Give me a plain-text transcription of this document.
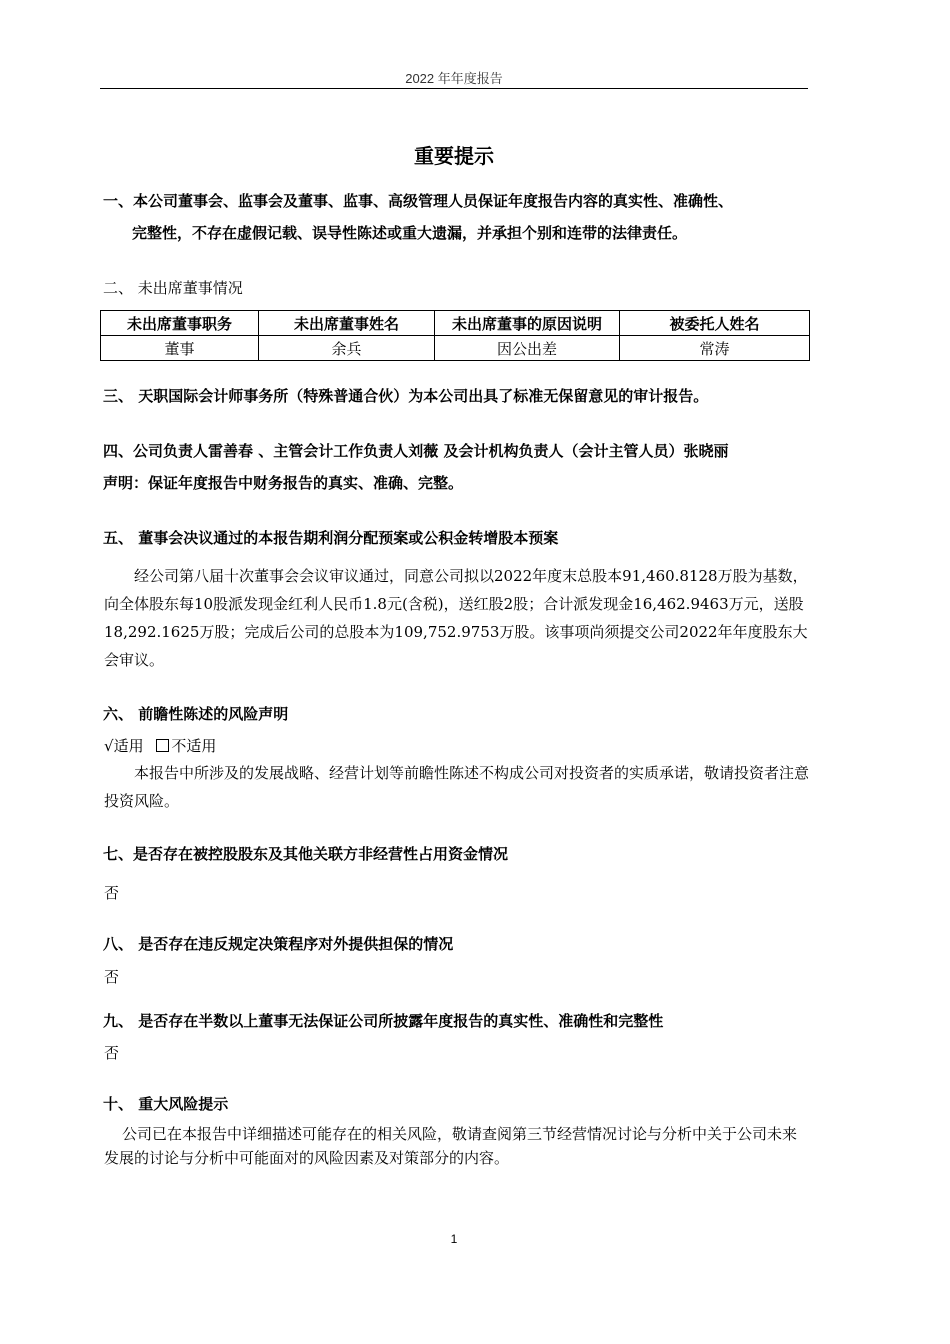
2022 年年度报告
重要提示
一、本公司董事会、监事会及董事、监事、高级管理人员保证年度报告内容的真实性、准确性、
完整性，不存在虚假记载、误导性陈述或重大遗漏，并承担个别和连带的法律责任。
二、 未出席董事情况
未出席董事职务	未出席董事姓名	未出席董事的原因说明	被委托人姓名
董事	余兵	因公出差	常涛
三、 天职国际会计师事务所（特殊普通合伙）为本公司出具了标准无保留意见的审计报告。
四、公司负责人雷善春 、主管会计工作负责人刘薇 及会计机构负责人（会计主管人员）张晓丽
声明：保证年度报告中财务报告的真实、准确、完整。
五、 董事会决议通过的本报告期利润分配预案或公积金转增股本预案
经公司第八届十次董事会会议审议通过，同意公司拟以2022年度末总股本91,460.8128万股为基数，向全体股东每10股派发现金红利人民币1.8元(含税)，送红股2股；合计派发现金16,462.9463万元，送股18,292.1625万股；完成后公司的总股本为109,752.9753万股。该事项尚须提交公司2022年年度股东大会审议。
六、 前瞻性陈述的风险声明
√适用 不适用
本报告中所涉及的发展战略、经营计划等前瞻性陈述不构成公司对投资者的实质承诺，敬请投资者注意投资风险。
七、是否存在被控股股东及其他关联方非经营性占用资金情况
否
八、 是否存在违反规定决策程序对外提供担保的情况
否
九、 是否存在半数以上董事无法保证公司所披露年度报告的真实性、准确性和完整性
否
十、 重大风险提示
公司已在本报告中详细描述可能存在的相关风险，敬请查阅第三节经营情况讨论与分析中关于公司未来发展的讨论与分析中可能面对的风险因素及对策部分的内容。
1
